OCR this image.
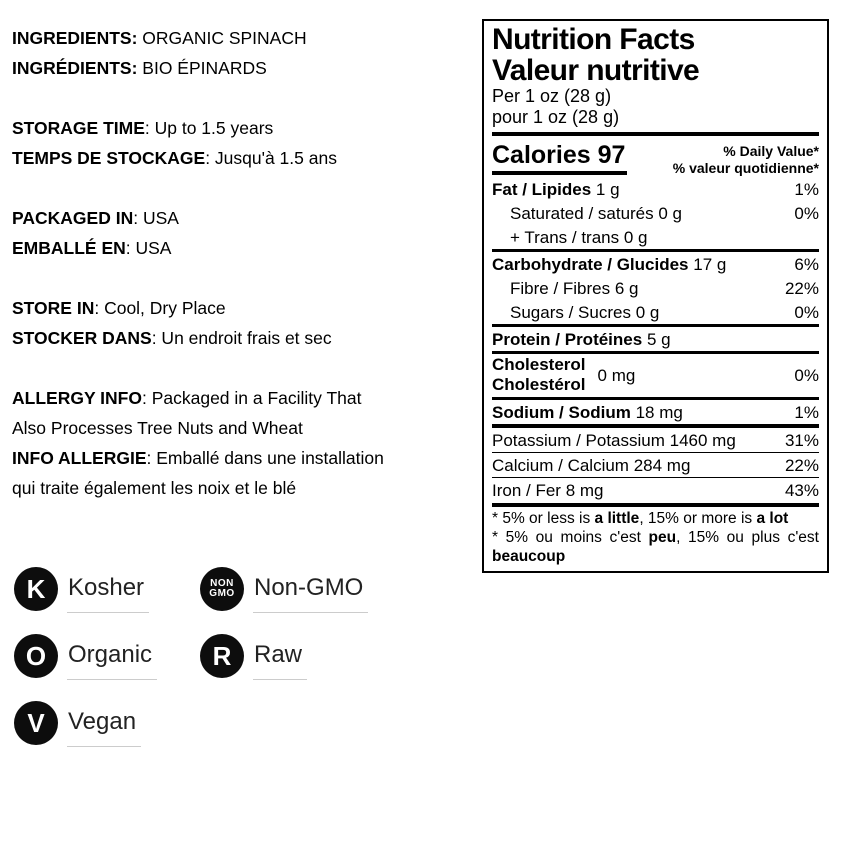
INGREDIENTS: ORGANIC SPINACH
INGRÉDIENTS: BIO ÉPINARDS
STORAGE TIME: Up to 1.5 years
TEMPS DE STOCKAGE: Jusqu'à 1.5 ans
PACKAGED IN: USA
EMBALLÉ EN: USA
STORE IN: Cool, Dry Place
STOCKER DANS: Un endroit frais et sec
ALLERGY INFO: Packaged in a Facility That
Also Processes Tree Nuts and Wheat
INFO ALLERGIE: Emballé dans une installation
qui traite également les noix et le blé
Nutrition Facts
Valeur nutritive
Per 1 oz (28 g)
pour 1 oz (28 g)
Calories 97	% Daily Value*
% valeur quotidienne*
Fat / Lipides 1 g	1%
Saturated / saturés 0 g	0%
+ Trans / trans 0 g
Carbohydrate / Glucides 17 g	6%
Fibre / Fibres 6 g	22%
Sugars / Sucres 0 g	0%
Protein / Protéines 5 g
Cholesterol
Cholestérol 0 mg	0%
Sodium / Sodium 18 mg	1%
Potassium / Potassium 1460 mg	31%
Calcium / Calcium 284 mg	22%
Iron / Fer 8 mg	43%

* 5% or less is a little, 15% or more is a lot

* 5% ou moins c'est peu, 15% ou plus c'est beaucoup

K Kosher	NON
GMO Non-GMO
O Organic R Raw
V Vegan
